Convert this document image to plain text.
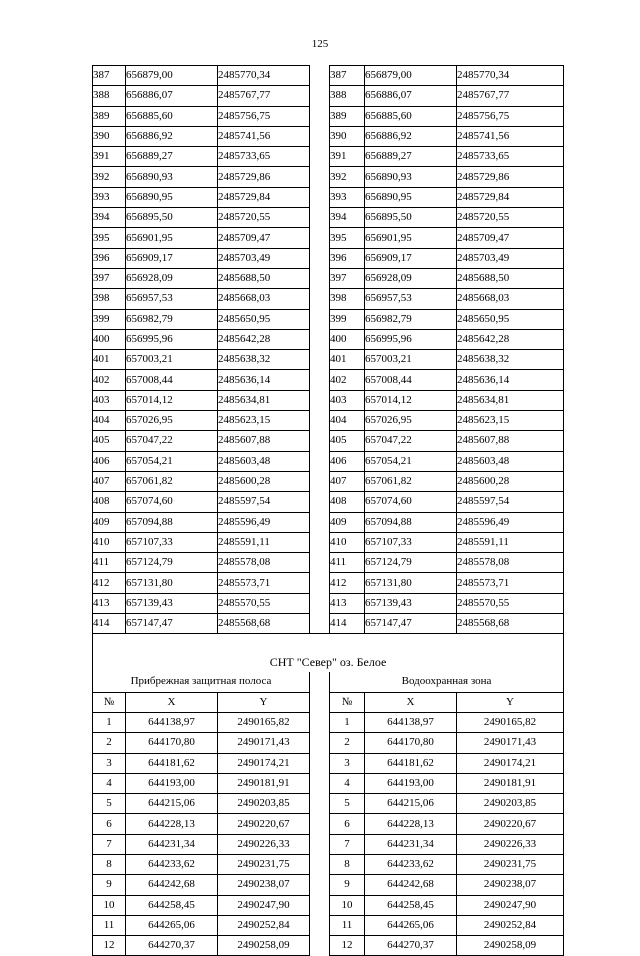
125
387	656879,00	2485770,34		387	656879,00	2485770,34
388	656886,07	2485767,77		388	656886,07	2485767,77
389	656885,60	2485756,75		389	656885,60	2485756,75
390	656886,92	2485741,56		390	656886,92	2485741,56
391	656889,27	2485733,65		391	656889,27	2485733,65
392	656890,93	2485729,86		392	656890,93	2485729,86
393	656890,95	2485729,84		393	656890,95	2485729,84
394	656895,50	2485720,55		394	656895,50	2485720,55
395	656901,95	2485709,47		395	656901,95	2485709,47
396	656909,17	2485703,49		396	656909,17	2485703,49
397	656928,09	2485688,50		397	656928,09	2485688,50
398	656957,53	2485668,03		398	656957,53	2485668,03
399	656982,79	2485650,95		399	656982,79	2485650,95
400	656995,96	2485642,28		400	656995,96	2485642,28
401	657003,21	2485638,32		401	657003,21	2485638,32
402	657008,44	2485636,14		402	657008,44	2485636,14
403	657014,12	2485634,81		403	657014,12	2485634,81
404	657026,95	2485623,15		404	657026,95	2485623,15
405	657047,22	2485607,88		405	657047,22	2485607,88
406	657054,21	2485603,48		406	657054,21	2485603,48
407	657061,82	2485600,28		407	657061,82	2485600,28
408	657074,60	2485597,54		408	657074,60	2485597,54
409	657094,88	2485596,49		409	657094,88	2485596,49
410	657107,33	2485591,11		410	657107,33	2485591,11
411	657124,79	2485578,08		411	657124,79	2485578,08
412	657131,80	2485573,71		412	657131,80	2485573,71
413	657139,43	2485570,55		413	657139,43	2485570,55
414	657147,47	2485568,68		414	657147,47	2485568,68

СНТ "Север" оз. Белое						
Прибрежная защитная полоса				Водоохранная зона		
№	X	Y		№	X	Y
1	644138,97	2490165,82		1	644138,97	2490165,82
2	644170,80	2490171,43		2	644170,80	2490171,43
3	644181,62	2490174,21		3	644181,62	2490174,21
4	644193,00	2490181,91		4	644193,00	2490181,91
5	644215,06	2490203,85		5	644215,06	2490203,85
6	644228,13	2490220,67		6	644228,13	2490220,67
7	644231,34	2490226,33		7	644231,34	2490226,33
8	644233,62	2490231,75		8	644233,62	2490231,75
9	644242,68	2490238,07		9	644242,68	2490238,07
10	644258,45	2490247,90		10	644258,45	2490247,90
11	644265,06	2490252,84		11	644265,06	2490252,84
12	644270,37	2490258,09		12	644270,37	2490258,09
